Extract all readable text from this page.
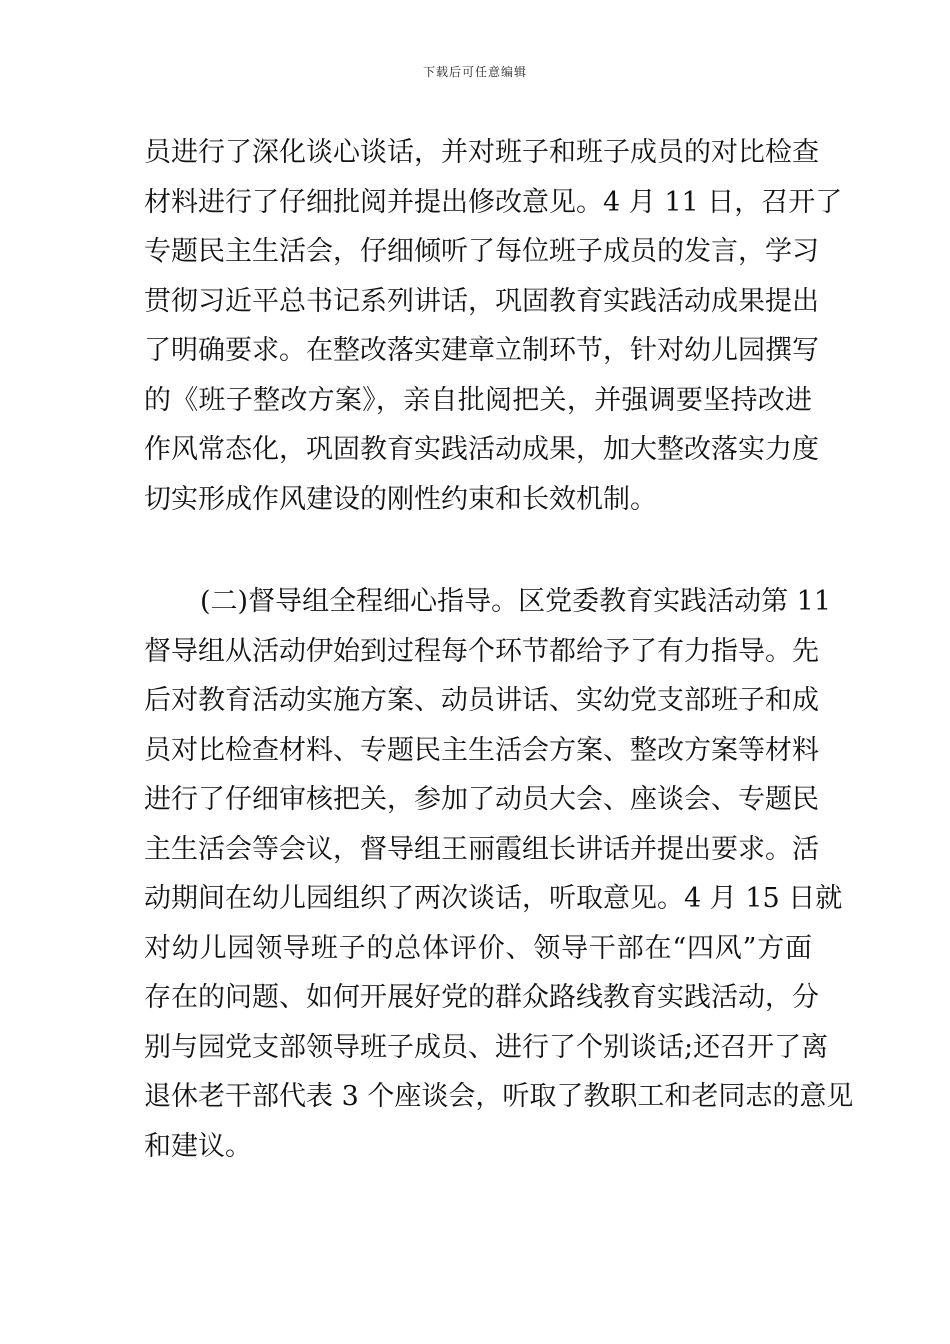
下载后可任意编辑
员进行了深化谈心谈话，并对班子和班子成员的对比检查
材料进行了仔细批阅并提出修改意见。4 月 11 日，召开了
专题民主生活会，仔细倾听了每位班子成员的发言，学习
贯彻习近平总书记系列讲话，巩固教育实践活动成果提出
了明确要求。在整改落实建章立制环节，针对幼儿园撰写
的《班子整改方案》，亲自批阅把关，并强调要坚持改进
作风常态化，巩固教育实践活动成果，加大整改落实力度
切实形成作风建设的刚性约束和长效机制。
(二)督导组全程细心指导。区党委教育实践活动第 11
督导组从活动伊始到过程每个环节都给予了有力指导。先
后对教育活动实施方案、动员讲话、实幼党支部班子和成
员对比检查材料、专题民主生活会方案、整改方案等材料
进行了仔细审核把关，参加了动员大会、座谈会、专题民
主生活会等会议，督导组王丽霞组长讲话并提出要求。活
动期间在幼儿园组织了两次谈话，听取意见。4 月 15 日就
对幼儿园领导班子的总体评价、领导干部在“四风”方面
存在的问题、如何开展好党的群众路线教育实践活动，分
别与园党支部领导班子成员、进行了个别谈话;还召开了离
退休老干部代表 3 个座谈会，听取了教职工和老同志的意见
和建议。
